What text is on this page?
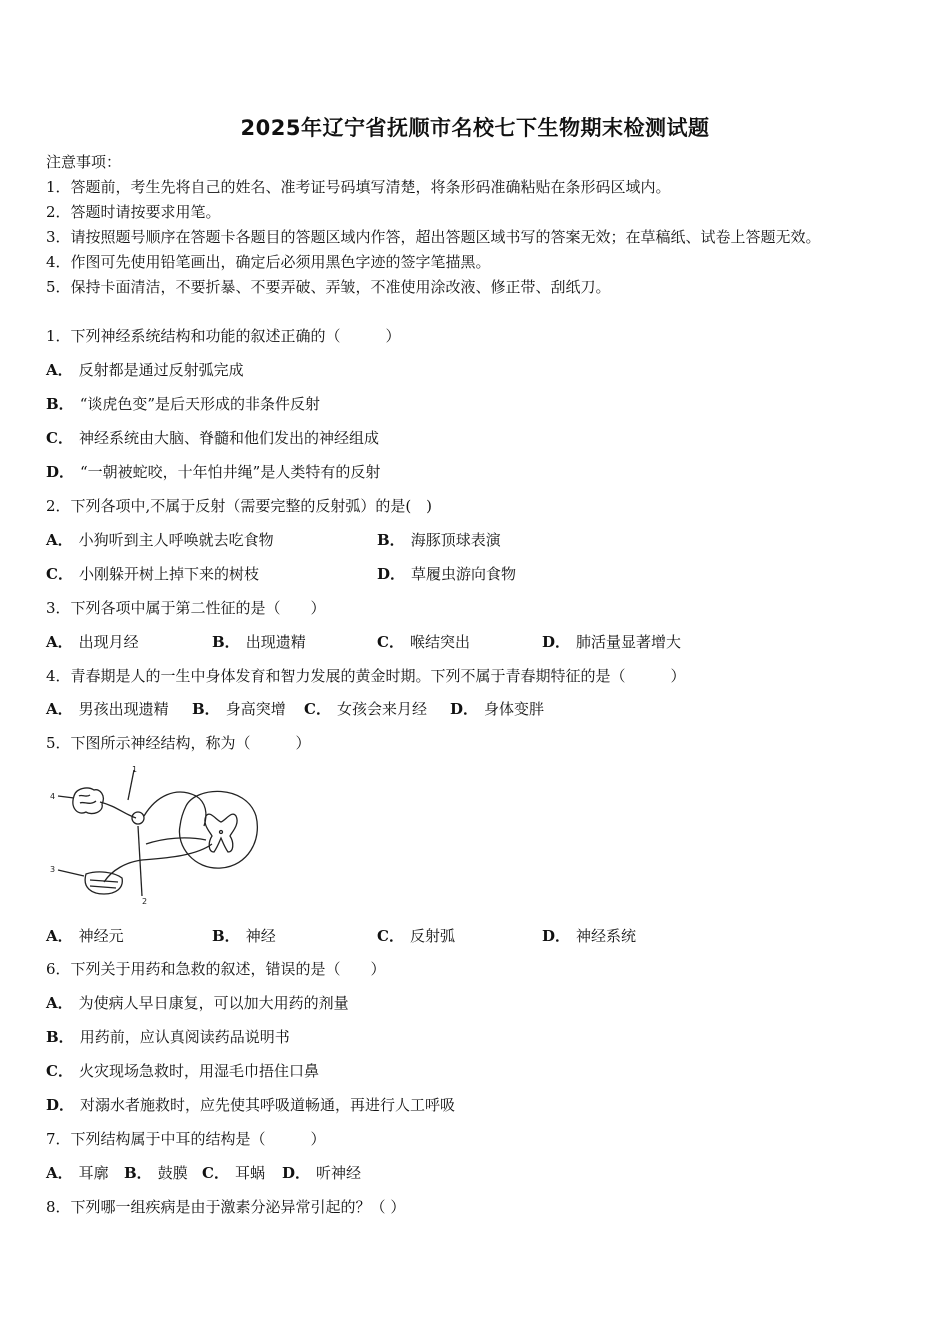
2025年辽宁省抚顺市名校七下生物期末检测试题
注意事项：
1．答题前，考生先将自己的姓名、准考证号码填写清楚，将条形码准确粘贴在条形码区域内。
2．答题时请按要求用笔。
3．请按照题号顺序在答题卡各题目的答题区域内作答，超出答题区域书写的答案无效；在草稿纸、试卷上答题无效。
4．作图可先使用铅笔画出，确定后必须用黑色字迹的签字笔描黑。
5．保持卡面清洁，不要折暴、不要弄破、弄皱，不准使用涂改液、修正带、刮纸刀。
1．下列神经系统结构和功能的叙述正确的（　　　）
A． 反射都是通过反射弧完成
B． “谈虎色变”是后天形成的非条件反射
C． 神经系统由大脑、脊髓和他们发出的神经组成
D． “一朝被蛇咬，十年怕井绳”是人类特有的反射
2．下列各项中,不属于反射（需要完整的反射弧）的是(　)
A． 小狗听到主人呼唤就去吃食物	B． 海豚顶球表演
C． 小刚躲开树上掉下来的树枝	D． 草履虫游向食物
3．下列各项中属于第二性征的是（　　）
A． 出现月经	B． 出现遗精	C． 喉结突出	D． 肺活量显著增大
4．青春期是人的一生中身体发育和智力发展的黄金时期。下列不属于青春期特征的是（　　　）
A． 男孩出现遗精 B． 身高突增 C． 女孩会来月经 D． 身体变胖
5．下图所示神经结构，称为（　　　）
1
2
3
4
A． 神经元	B． 神经	C． 反射弧	D． 神经系统
6．下列关于用药和急救的叙述，错误的是（　　）
A． 为使病人早日康复，可以加大用药的剂量
B． 用药前，应认真阅读药品说明书
C． 火灾现场急救时，用湿毛巾捂住口鼻
D． 对溺水者施救时，应先使其呼吸道畅通，再进行人工呼吸
7．下列结构属于中耳的结构是（　　　）
A． 耳廓 B． 鼓膜 C． 耳蜗 D． 听神经
8．下列哪一组疾病是由于激素分泌异常引起的？（ ）
